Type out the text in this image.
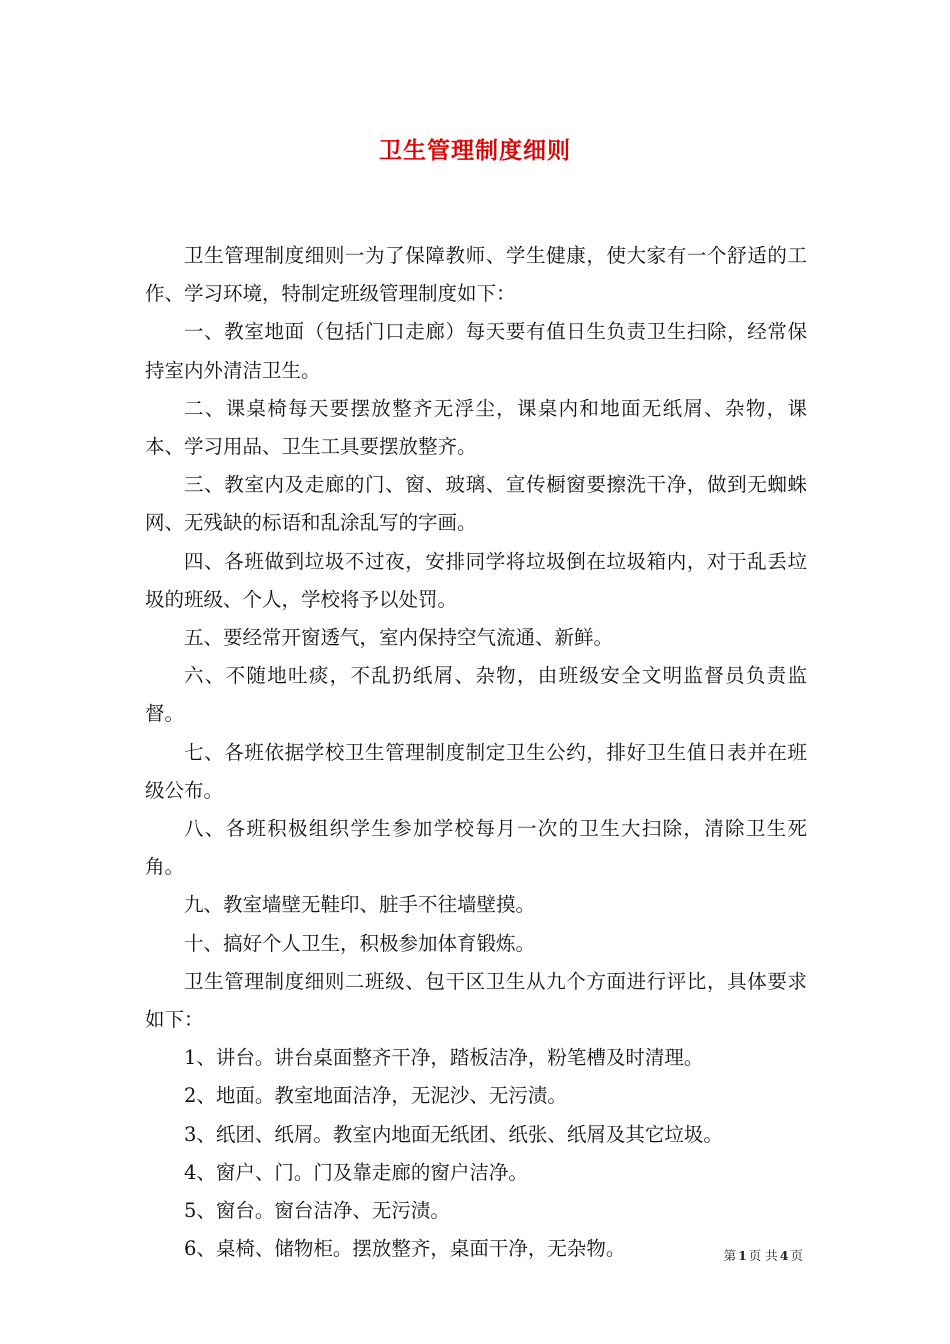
卫生管理制度细则

卫生管理制度细则一为了保障教师、学生健康，使大家有一个舒适的工作、学习环境，特制定班级管理制度如下：

一、教室地面（包括门口走廊）每天要有值日生负责卫生扫除，经常保持室内外清洁卫生。

二、课桌椅每天要摆放整齐无浮尘，课桌内和地面无纸屑、杂物，课本、学习用品、卫生工具要摆放整齐。

三、教室内及走廊的门、窗、玻璃、宣传橱窗要擦洗干净，做到无蜘蛛网、无残缺的标语和乱涂乱写的字画。

四、各班做到垃圾不过夜，安排同学将垃圾倒在垃圾箱内，对于乱丢垃圾的班级、个人，学校将予以处罚。

五、要经常开窗透气，室内保持空气流通、新鲜。

六、不随地吐痰，不乱扔纸屑、杂物，由班级安全文明监督员负责监督。

七、各班依据学校卫生管理制度制定卫生公约，排好卫生值日表并在班级公布。

八、各班积极组织学生参加学校每月一次的卫生大扫除，清除卫生死角。

九、教室墙壁无鞋印、脏手不往墙壁摸。

十、搞好个人卫生，积极参加体育锻炼。

卫生管理制度细则二班级、包干区卫生从九个方面进行评比，具体要求如下：

1、讲台。讲台桌面整齐干净，踏板洁净，粉笔槽及时清理。

2、地面。教室地面洁净，无泥沙、无污渍。

3、纸团、纸屑。教室内地面无纸团、纸张、纸屑及其它垃圾。

4、窗户、门。门及靠走廊的窗户洁净。

5、窗台。窗台洁净、无污渍。

6、桌椅、储物柜。摆放整齐，桌面干净，无杂物。	第 1 页 共 4 页
